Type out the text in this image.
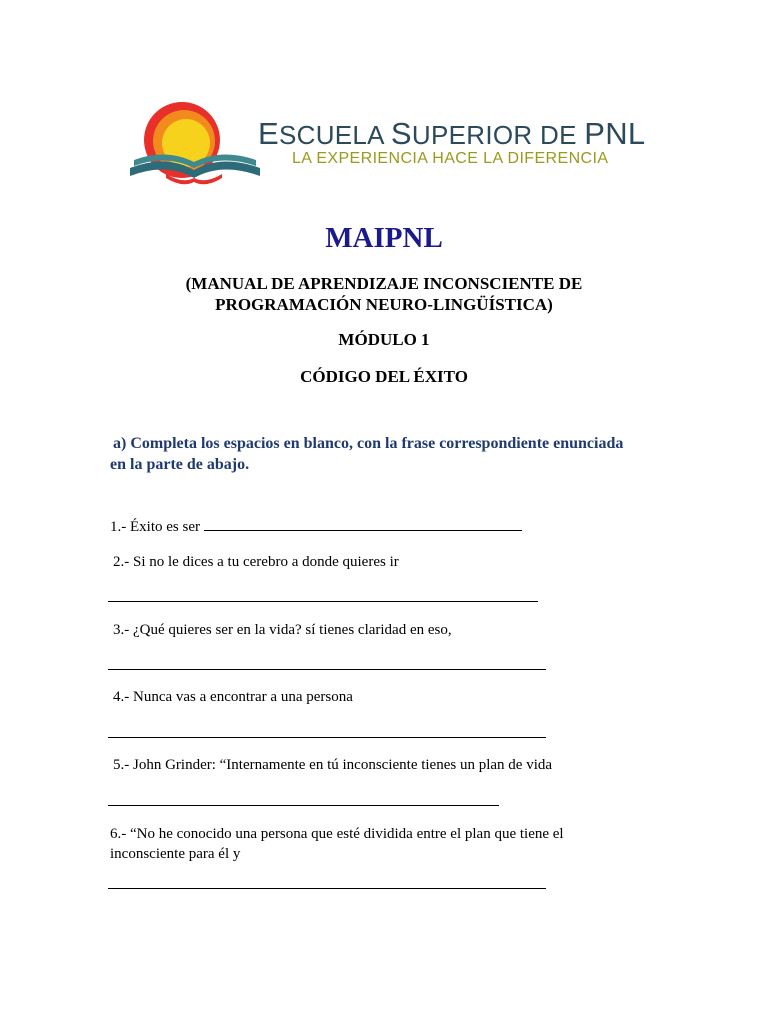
ESCUELA SUPERIOR DE PNL
LA EXPERIENCIA HACE LA DIFERENCIA
MAIPNL
(MANUAL DE APRENDIZAJE INCONSCIENTE DE PROGRAMACIÓN NEURO-LINGÜÍSTICA)
MÓDULO 1
CÓDIGO DEL ÉXITO
a) Completa los espacios en blanco, con la frase correspondiente enunciada en la parte de abajo.
1.- Éxito es ser
2.- Si no le dices a tu cerebro a donde quieres ir
3.- ¿Qué quieres ser en la vida? sí tienes claridad en eso,
4.- Nunca vas a encontrar a una persona
5.- John Grinder: “Internamente en tú inconsciente tienes un plan de vida
6.- “No he conocido una persona que esté dividida entre el plan que tiene el inconsciente para él y
